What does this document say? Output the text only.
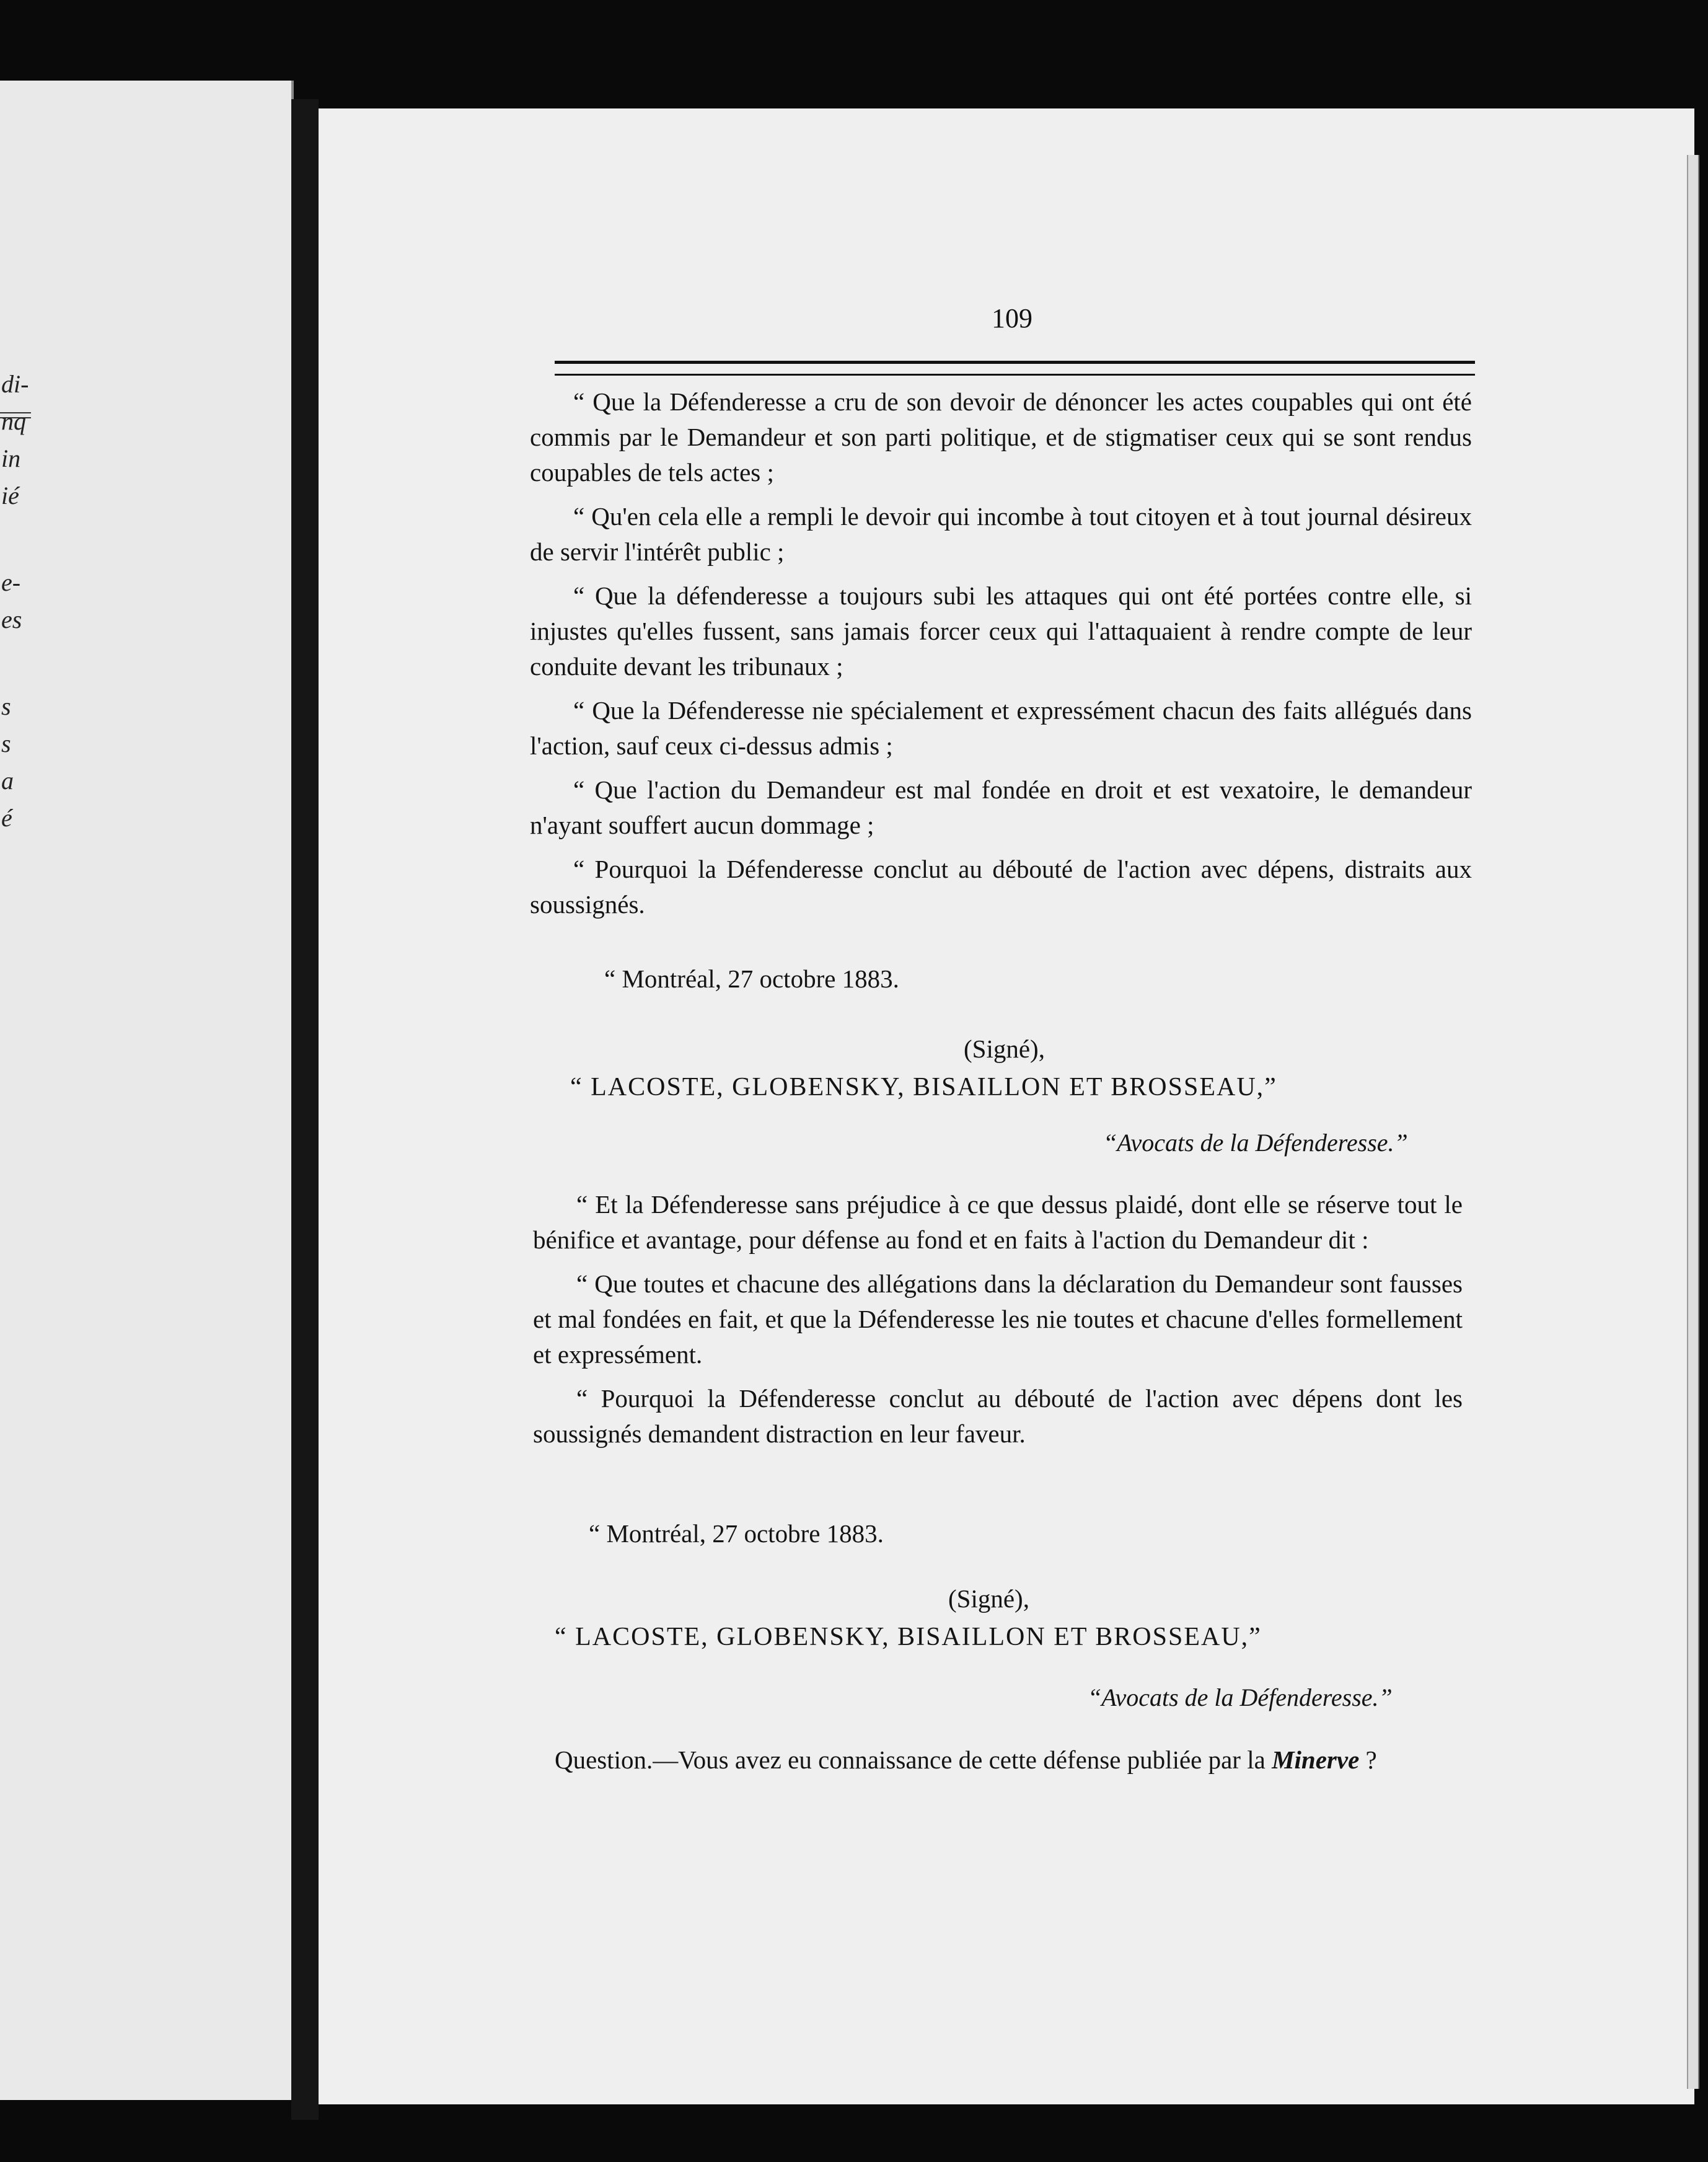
di-
nq
in
ié
e-
es
s
s
a
é
109

“ Que la Défenderesse a cru de son devoir de dénoncer les actes coupables qui ont été commis par le Demandeur et son parti politique, et de stigmatiser ceux qui se sont rendus coupables de tels actes ;

“ Qu'en cela elle a rempli le devoir qui incombe à tout citoyen et à tout journal désireux de servir l'intérêt public ;

“ Que la défenderesse a toujours subi les attaques qui ont été portées contre elle, si injustes qu'elles fussent, sans jamais forcer ceux qui l'attaquaient à rendre compte de leur conduite devant les tribunaux ;

“ Que la Défenderesse nie spécialement et expressément chacun des faits allégués dans l'action, sauf ceux ci-dessus admis ;

“ Que l'action du Demandeur est mal fondée en droit et est vexatoire, le demandeur n'ayant souffert aucun dommage ;

“ Pourquoi la Défenderesse conclut au débouté de l'action avec dépens, distraits aux soussignés.

“ Montréal, 27 octobre 1883.
(Signé),
“ LACOSTE, GLOBENSKY, BISAILLON ET BROSSEAU,”
“Avocats de la Défenderesse.”

“ Et la Défenderesse sans préjudice à ce que dessus plaidé, dont elle se réserve tout le bénifice et avantage, pour défense au fond et en faits à l'action du Demandeur dit :

“ Que toutes et chacune des allégations dans la déclaration du Demandeur sont fausses et mal fondées en fait, et que la Défenderesse les nie toutes et chacune d'elles formellement et expressément.

“ Pourquoi la Défenderesse conclut au débouté de l'action avec dépens dont les soussignés demandent distraction en leur faveur.

“ Montréal, 27 octobre 1883.
(Signé),
“ LACOSTE, GLOBENSKY, BISAILLON ET BROSSEAU,”
“Avocats de la Défenderesse.”
Question.—Vous avez eu connaissance de cette défense publiée par la Minerve ?
